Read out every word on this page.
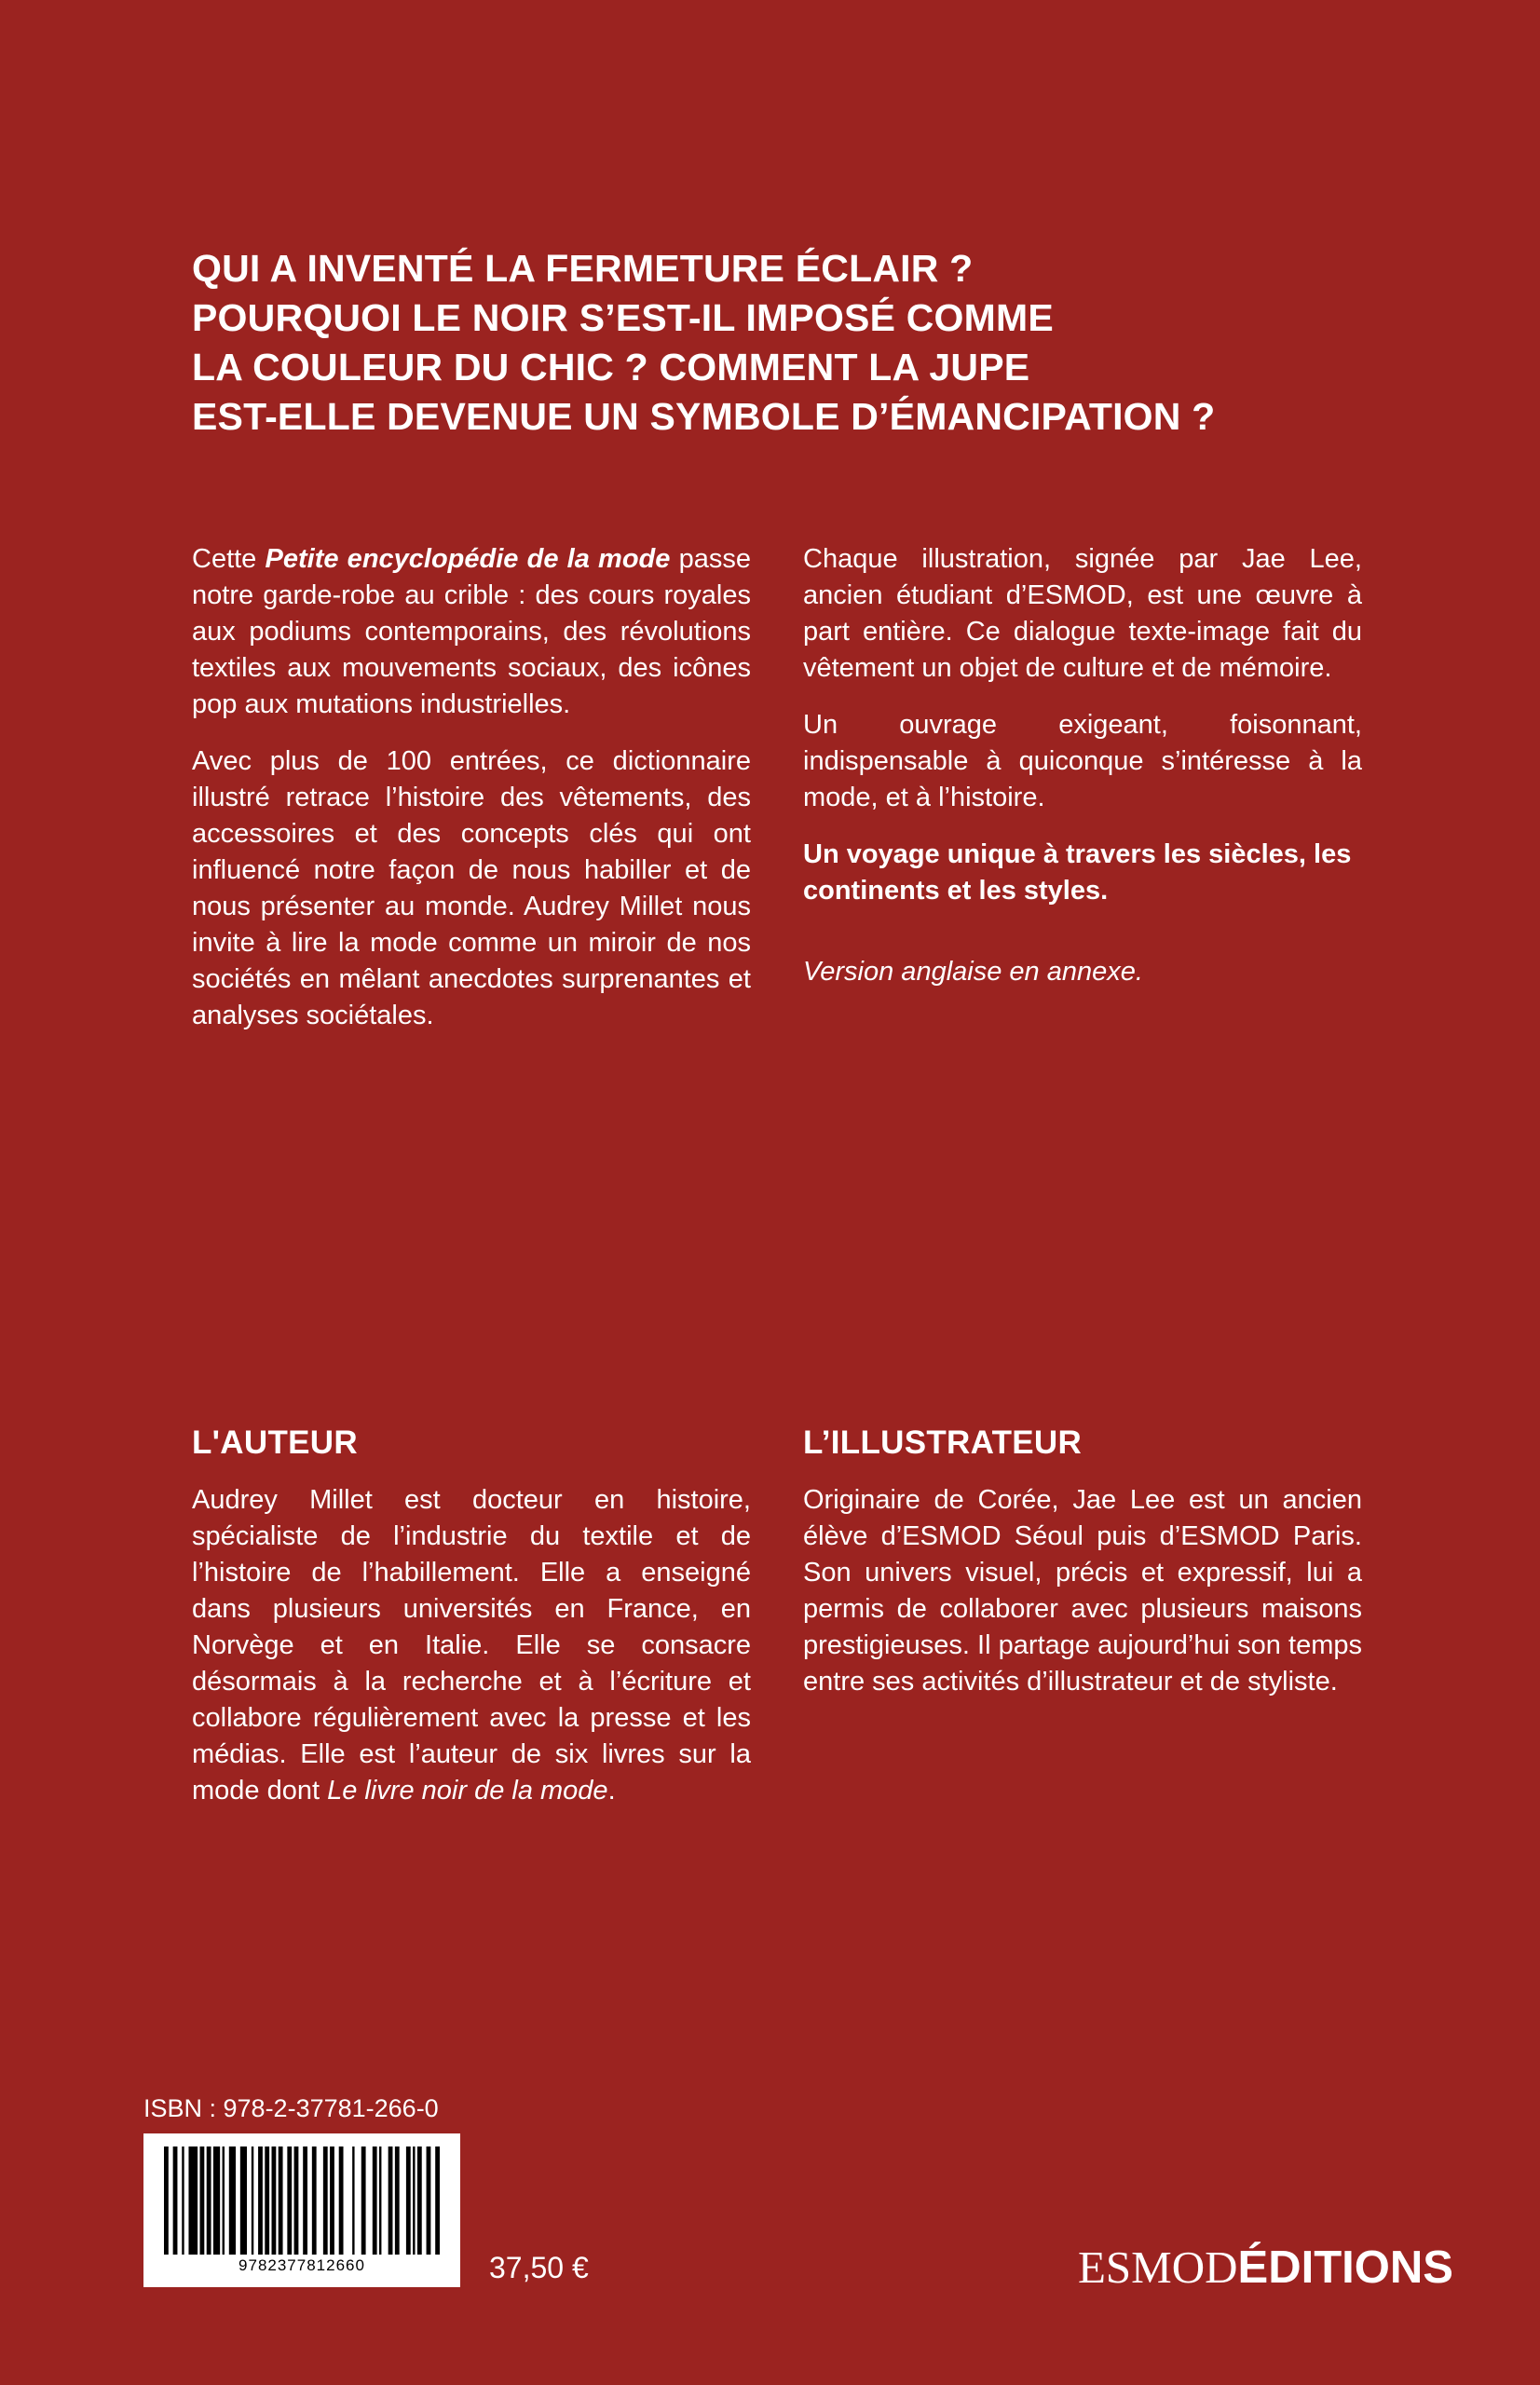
QUI A INVENTÉ LA FERMETURE ÉCLAIR ?
POURQUOI LE NOIR S’EST-IL IMPOSÉ COMME
LA COULEUR DU CHIC ? COMMENT LA JUPE
EST-ELLE DEVENUE UN SYMBOLE D’ÉMANCIPATION ?

Cette Petite encyclopédie de la mode passe notre garde-robe au crible : des cours royales aux podiums contemporains, des révolutions textiles aux mouvements sociaux, des icônes pop aux mutations industrielles.

Avec plus de 100 entrées, ce dictionnaire illustré retrace l’histoire des vêtements, des accessoires et des concepts clés qui ont influencé notre façon de nous habiller et de nous présenter au monde. Audrey Millet nous invite à lire la mode comme un miroir de nos sociétés en mêlant anecdotes surprenantes et analyses sociétales.

Chaque illustration, signée par Jae Lee, ancien étudiant d’ESMOD, est une œuvre à part entière. Ce dialogue texte-image fait du vêtement un objet de culture et de mémoire.

Un ouvrage exigeant, foisonnant, indispensable à quiconque s’intéresse à la mode, et à l’histoire.

Un voyage unique à travers les siècles, les continents et les styles.

Version anglaise en annexe.

L'AUTEUR

Audrey Millet est docteur en histoire, spécialiste de l’industrie du textile et de l’histoire de l’habillement. Elle a enseigné dans plusieurs universités en France, en Norvège et en Italie. Elle se consacre désormais à la recherche et à l’écriture et collabore régulièrement avec la presse et les médias. Elle est l’auteur de six livres sur la mode dont Le livre noir de la mode.

L’ILLUSTRATEUR

Originaire de Corée, Jae Lee est un ancien élève d’ESMOD Séoul puis d’ESMOD Paris. Son univers visuel, précis et expressif, lui a permis de collaborer avec plusieurs maisons prestigieuses. Il partage aujourd’hui son temps entre ses activités d’illustrateur et de styliste.

ISBN : 978-2-37781-266-0
9782377812660	37,50 €	ESMODÉDITIONS
